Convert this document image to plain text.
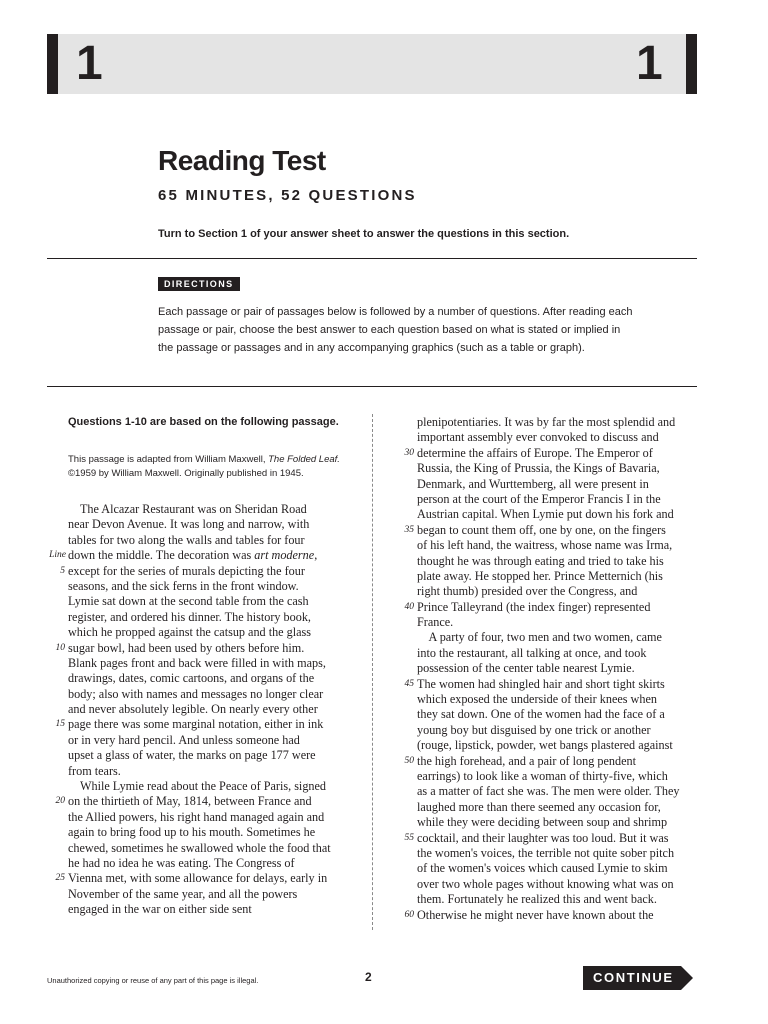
1	1
Reading Test
65 MINUTES, 52 QUESTIONS
Turn to Section 1 of your answer sheet to answer the questions in this section.
DIRECTIONS
Each passage or pair of passages below is followed by a number of questions. After reading each passage or pair, choose the best answer to each question based on what is stated or implied in the passage or passages and in any accompanying graphics (such as a table or graph).
Questions 1-10 are based on the following passage.
This passage is adapted from William Maxwell, The Folded Leaf. ©1959 by William Maxwell. Originally published in 1945.
The Alcazar Restaurant was on Sheridan Road
near Devon Avenue. It was long and narrow, with
tables for two along the walls and tables for four
Line down the middle. The decoration was art moderne,
5 except for the series of murals depicting the four
seasons, and the sick ferns in the front window.
Lymie sat down at the second table from the cash
register, and ordered his dinner. The history book,
which he propped against the catsup and the glass
10 sugar bowl, had been used by others before him.
Blank pages front and back were filled in with maps,
drawings, dates, comic cartoons, and organs of the
body; also with names and messages no longer clear
and never absolutely legible. On nearly every other
15 page there was some marginal notation, either in ink
or in very hard pencil. And unless someone had
upset a glass of water, the marks on page 177 were
from tears.
While Lymie read about the Peace of Paris, signed
20 on the thirtieth of May, 1814, between France and
the Allied powers, his right hand managed again and
again to bring food up to his mouth. Sometimes he
chewed, sometimes he swallowed whole the food that
he had no idea he was eating. The Congress of
25 Vienna met, with some allowance for delays, early in
November of the same year, and all the powers
engaged in the war on either side sent
plenipotentiaries. It was by far the most splendid and
important assembly ever convoked to discuss and
30 determine the affairs of Europe. The Emperor of
Russia, the King of Prussia, the Kings of Bavaria,
Denmark, and Wurttemberg, all were present in
person at the court of the Emperor Francis I in the
Austrian capital. When Lymie put down his fork and
35 began to count them off, one by one, on the fingers
of his left hand, the waitress, whose name was Irma,
thought he was through eating and tried to take his
plate away. He stopped her. Prince Metternich (his
right thumb) presided over the Congress, and
40 Prince Talleyrand (the index finger) represented
France.
A party of four, two men and two women, came
into the restaurant, all talking at once, and took
possession of the center table nearest Lymie.
45 The women had shingled hair and short tight skirts
which exposed the underside of their knees when
they sat down. One of the women had the face of a
young boy but disguised by one trick or another
(rouge, lipstick, powder, wet bangs plastered against
50 the high forehead, and a pair of long pendent
earrings) to look like a woman of thirty-five, which
as a matter of fact she was. The men were older. They
laughed more than there seemed any occasion for,
while they were deciding between soup and shrimp
55 cocktail, and their laughter was too loud. But it was
the women's voices, the terrible not quite sober pitch
of the women's voices which caused Lymie to skim
over two whole pages without knowing what was on
them. Fortunately he realized this and went back.
60 Otherwise he might never have known about the
Unauthorized copying or reuse of any part of this page is illegal.	2	CONTINUE
